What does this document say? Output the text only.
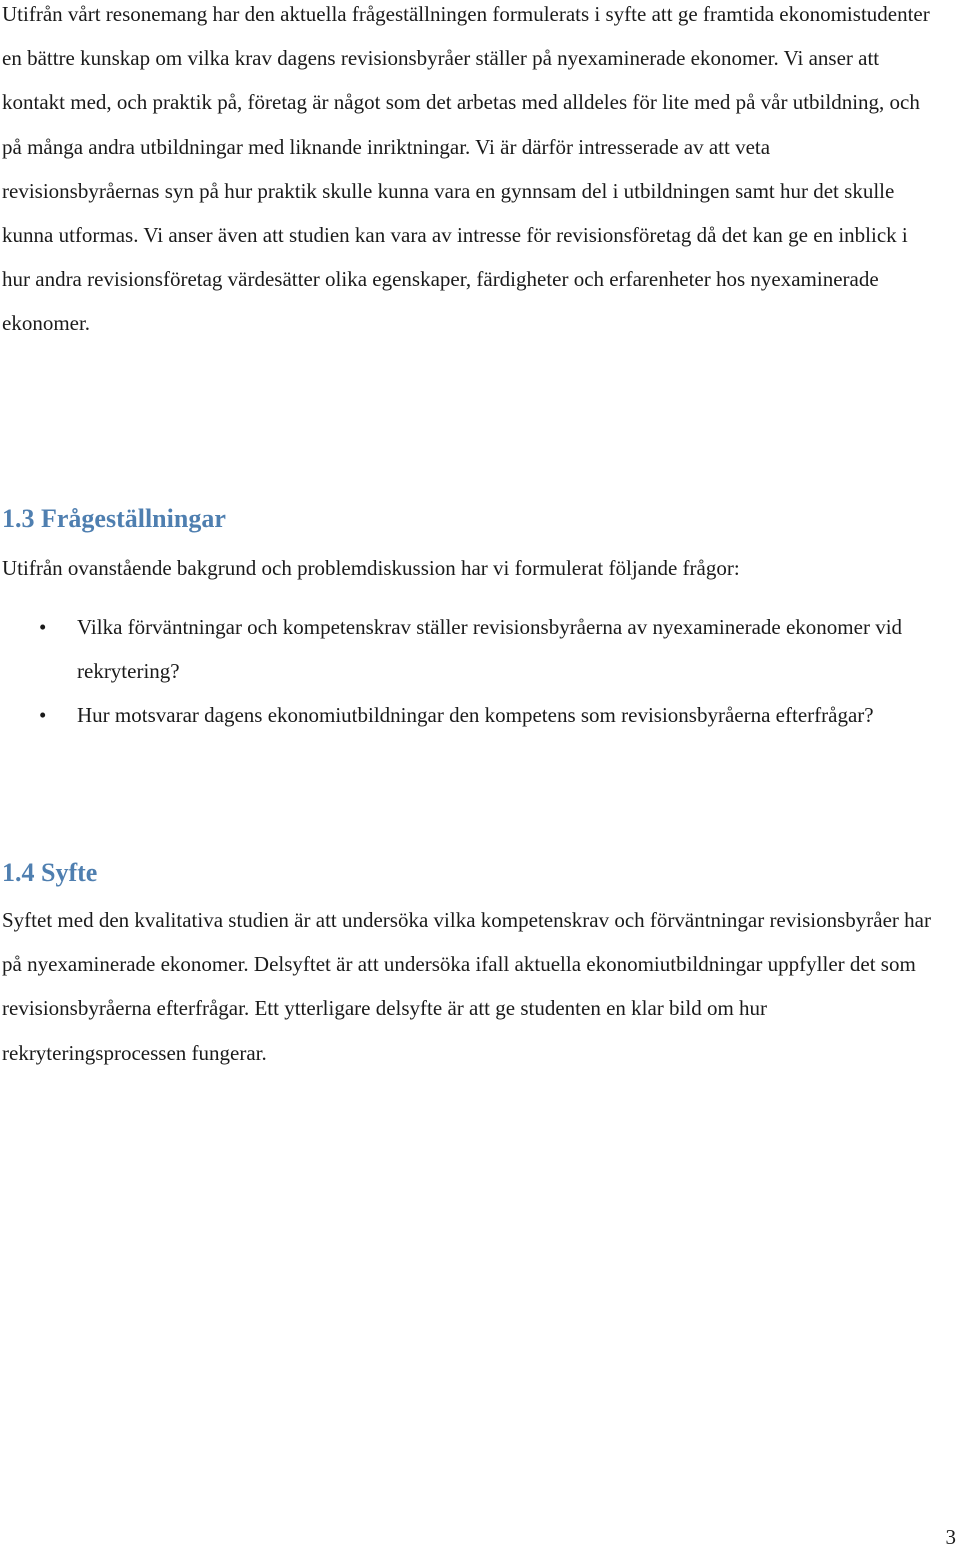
Utifrån vårt resonemang har den aktuella frågeställningen formulerats i syfte att ge framtida ekonomistudenter en bättre kunskap om vilka krav dagens revisionsbyråer ställer på nyexaminerade ekonomer. Vi anser att kontakt med, och praktik på, företag är något som det arbetas med alldeles för lite med på vår utbildning, och på många andra utbildningar med liknande inriktningar. Vi är därför intresserade av att veta revisionsbyråernas syn på hur praktik skulle kunna vara en gynnsam del i utbildningen samt hur det skulle kunna utformas. Vi anser även att studien kan vara av intresse för revisionsföretag då det kan ge en inblick i hur andra revisionsföretag värdesätter olika egenskaper, färdigheter och erfarenheter hos nyexaminerade ekonomer.

1.3 Frågeställningar

Utifrån ovanstående bakgrund och problemdiskussion har vi formulerat följande frågor:

• Vilka förväntningar och kompetenskrav ställer revisionsbyråerna av nyexaminerade ekonomer vid rekrytering?
• Hur motsvarar dagens ekonomiutbildningar den kompetens som revisionsbyråerna efterfrågar?
1.4 Syfte

Syftet med den kvalitativa studien är att undersöka vilka kompetenskrav och förväntningar revisionsbyråer har på nyexaminerade ekonomer. Delsyftet är att undersöka ifall aktuella ekonomiutbildningar uppfyller det som revisionsbyråerna efterfrågar. Ett ytterligare delsyfte är att ge studenten en klar bild om hur rekryteringsprocessen fungerar.

3
